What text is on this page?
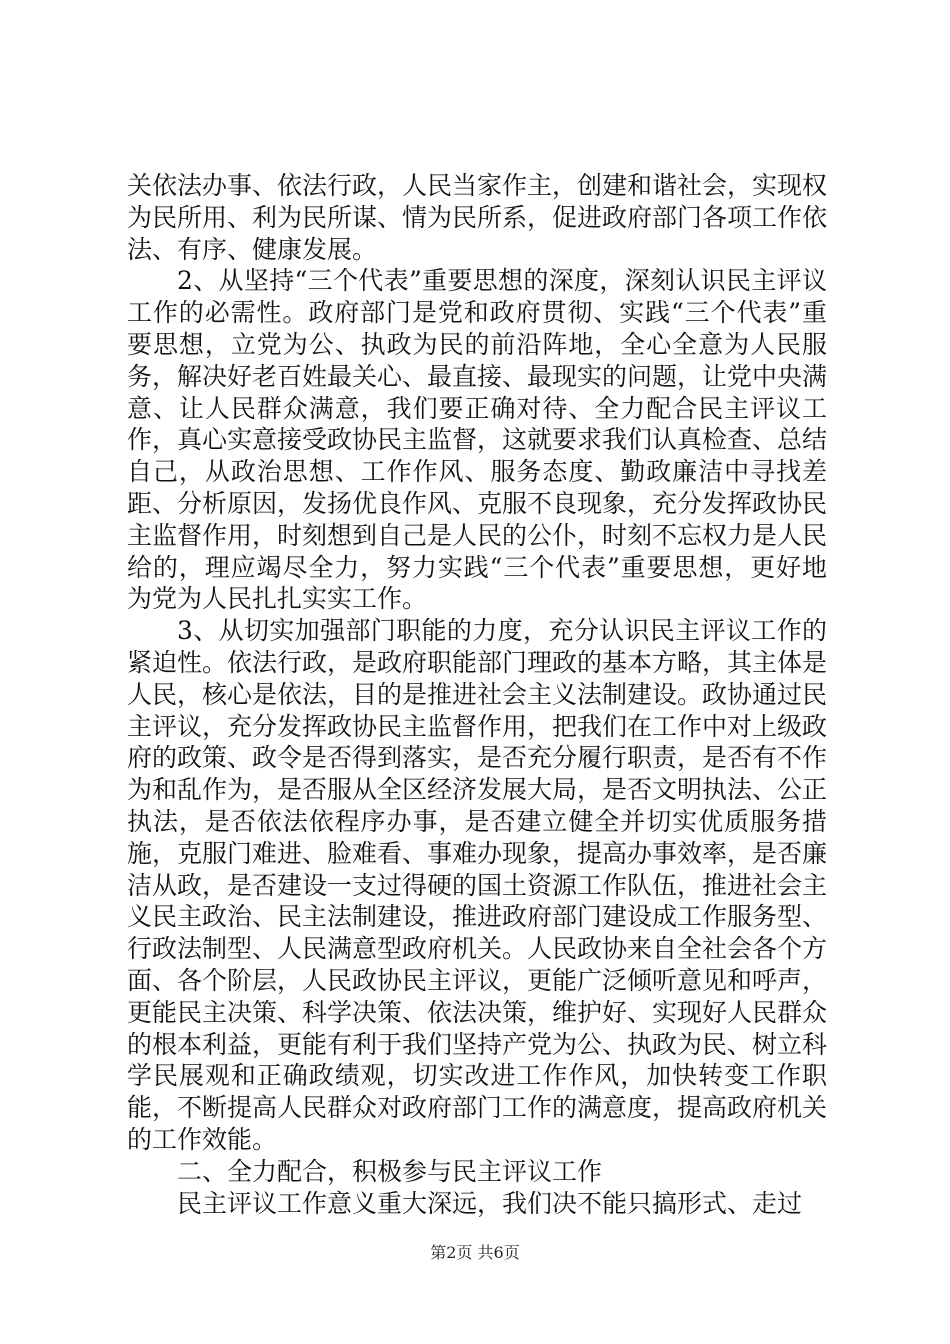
关依法办事、依法行政，人民当家作主，创建和谐社会，实现权为民所用、利为民所谋、情为民所系，促进政府部门各项工作依法、有序、健康发展。

2、从坚持“三个代表”重要思想的深度，深刻认识民主评议工作的必需性。政府部门是党和政府贯彻、实践“三个代表”重要思想，立党为公、执政为民的前沿阵地，全心全意为人民服务，解决好老百姓最关心、最直接、最现实的问题，让党中央满意、让人民群众满意，我们要正确对待、全力配合民主评议工作，真心实意接受政协民主监督，这就要求我们认真检查、总结自己，从政治思想、工作作风、服务态度、勤政廉洁中寻找差距、分析原因，发扬优良作风、克服不良现象，充分发挥政协民主监督作用，时刻想到自己是人民的公仆，时刻不忘权力是人民给的，理应竭尽全力，努力实践“三个代表”重要思想，更好地为党为人民扎扎实实工作。

3、从切实加强部门职能的力度，充分认识民主评议工作的紧迫性。依法行政，是政府职能部门理政的基本方略，其主体是人民，核心是依法，目的是推进社会主义法制建设。政协通过民主评议，充分发挥政协民主监督作用，把我们在工作中对上级政府的政策、政令是否得到落实，是否充分履行职责，是否有不作为和乱作为，是否服从全区经济发展大局，是否文明执法、公正执法，是否依法依程序办事，是否建立健全并切实优质服务措施，克服门难进、脸难看、事难办现象，提高办事效率，是否廉洁从政，是否建设一支过得硬的国土资源工作队伍，推进社会主义民主政治、民主法制建设，推进政府部门建设成工作服务型、行政法制型、人民满意型政府机关。人民政协来自全社会各个方面、各个阶层，人民政协民主评议，更能广泛倾听意见和呼声，更能民主决策、科学决策、依法决策，维护好、实现好人民群众的根本利益，更能有利于我们坚持产党为公、执政为民、树立科学民展观和正确政绩观，切实改进工作作风，加快转变工作职能，不断提高人民群众对政府部门工作的满意度，提高政府机关的工作效能。

二、全力配合，积极参与民主评议工作

民主评议工作意义重大深远，我们决不能只搞形式、走过

第2页 共6页
